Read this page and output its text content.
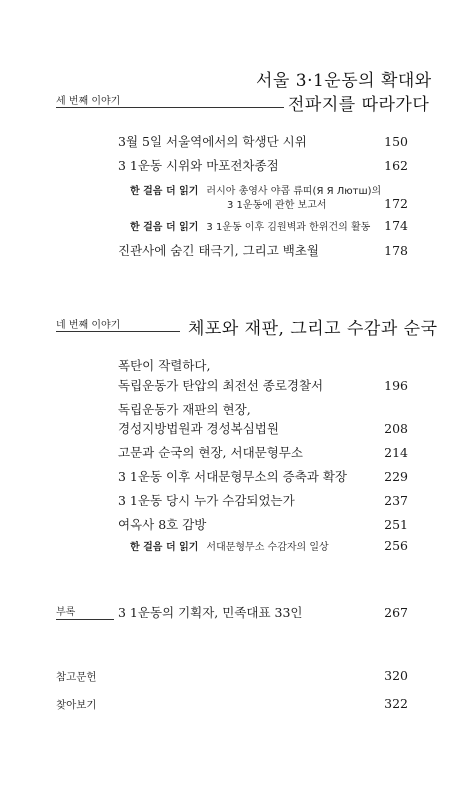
서울 3·1운동의 확대와
세 번째 이야기	전파지를 따라가다
3월 5일 서울역에서의 학생단 시위	150
3 1운동 시위와 마포전차종점	162
한 걸음 더 읽기 러시아 총영사 야콥 류띠(Я Я Лютш)의
3 1운동에 관한 보고서	172
한 걸음 더 읽기 3 1운동 이후 김원벽과 한위건의 활동 174
진관사에 숨긴 태극기, 그리고 백초월	178
네 번째 이야기	체포와 재판, 그리고 수감과 순국
폭탄이 작렬하다,
독립운동가 탄압의 최전선 종로경찰서	196
독립운동가 재판의 현장,
경성지방법원과 경성복심법원	208
고문과 순국의 현장, 서대문형무소	214
3 1운동 이후 서대문형무소의 증축과 확장	229
3 1운동 당시 누가 수감되었는가	237
여옥사 8호 감방	251
한 걸음 더 읽기 서대문형무소 수감자의 일상	256
부록	3 1운동의 기획자, 민족대표 33인	267
참고문헌	320
찾아보기	322
